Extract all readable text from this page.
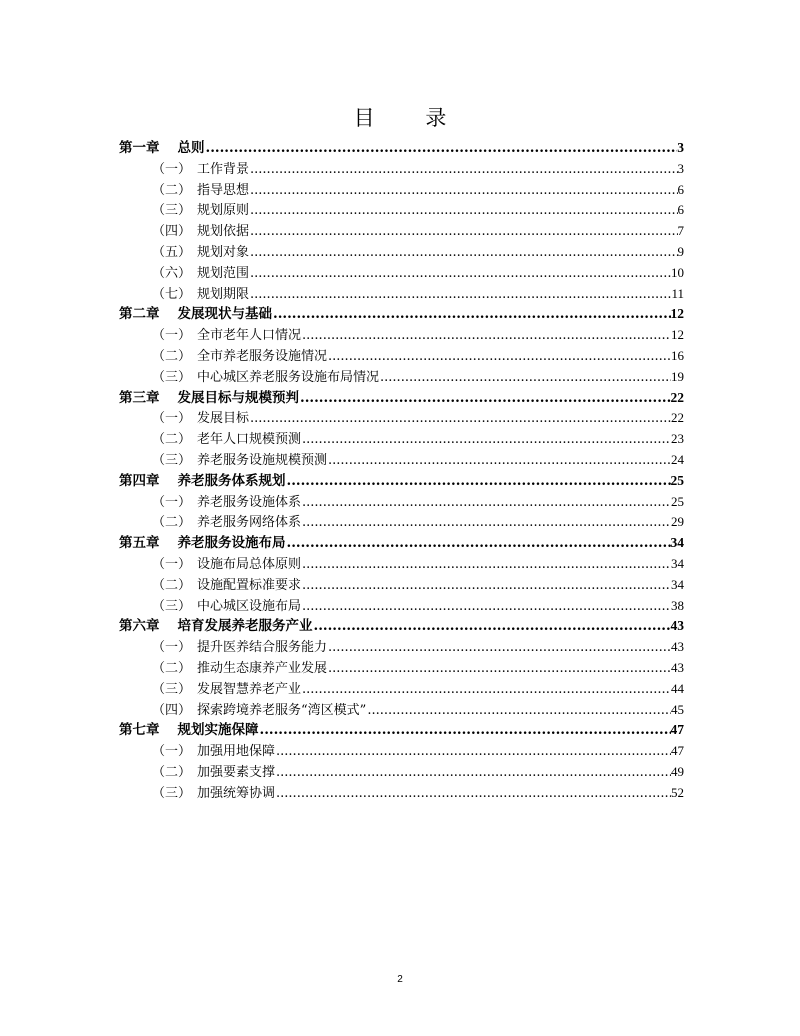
目 录
第一章 总则 .....	3
（一） 工作背景 .....	3
（二） 指导思想 .....	6
（三） 规划原则 .....	6
（四） 规划依据 .....	7
（五） 规划对象 .....	9
（六） 规划范围 .....	10
（七） 规划期限 .....	11
第二章 发展现状与基础 .....	12
（一） 全市老年人口情况 .....	12
（二） 全市养老服务设施情况 .....	16
（三） 中心城区养老服务设施布局情况 .....	19
第三章 发展目标与规模预判 .....	22
（一） 发展目标 .....	22
（二） 老年人口规模预测 .....	23
（三） 养老服务设施规模预测 .....	24
第四章 养老服务体系规划 .....	25
（一） 养老服务设施体系 .....	25
（二） 养老服务网络体系 .....	29
第五章 养老服务设施布局 .....	34
（一） 设施布局总体原则 .....	34
（二） 设施配置标准要求 .....	34
（三） 中心城区设施布局 .....	38
第六章 培育发展养老服务产业 .....	43
（一） 提升医养结合服务能力 .....	43
（二） 推动生态康养产业发展 .....	43
（三） 发展智慧养老产业 .....	44
（四） 探索跨境养老服务“湾区模式” .....	45
第七章 规划实施保障 .....	47
（一） 加强用地保障 .....	47
（二） 加强要素支撑 .....	49
（三） 加强统筹协调 .....	52
2
